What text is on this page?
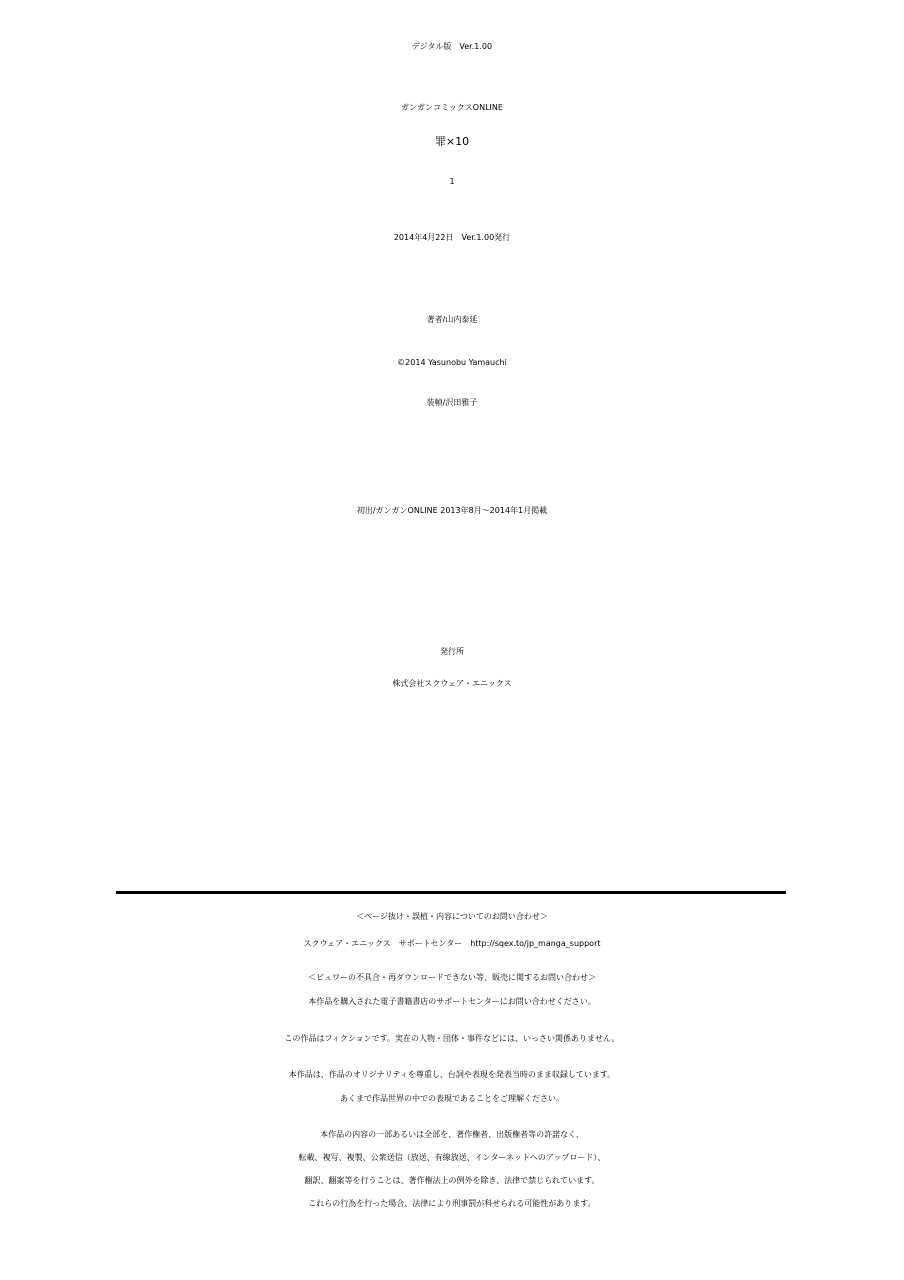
デジタル版　Ver.1.00
ガンガンコミックスONLINE
罪×10
1
2014年4月22日　Ver.1.00発行
著者/山内泰延
©2014 Yasunobu Yamauchi
装幀/沢田雅子
初出/ガンガンONLINE 2013年8月～2014年1月掲載
発行所
株式会社スクウェア・エニックス
＜ページ抜け・誤植・内容についてのお問い合わせ＞
スクウェア・エニックス　サポートセンター　http://sqex.to/jp_manga_support
＜ビュワーの不具合・再ダウンロードできない等、販売に関するお問い合わせ＞
本作品を購入された電子書籍書店のサポートセンターにお問い合わせください。
この作品はフィクションです。実在の人物・団体・事件などには、いっさい関係ありません。
本作品は、作品のオリジナリティを尊重し、台詞や表現を発表当時のまま収録しています。
あくまで作品世界の中での表現であることをご理解ください。
本作品の内容の一部あるいは全部を、著作権者、出版権者等の許諾なく、
転載、複写、複製、公衆送信（放送、有線放送、インターネットへのアップロード）、
翻訳、翻案等を行うことは、著作権法上の例外を除き、法律で禁じられています。
これらの行為を行った場合、法律により刑事罰が科せられる可能性があります。
